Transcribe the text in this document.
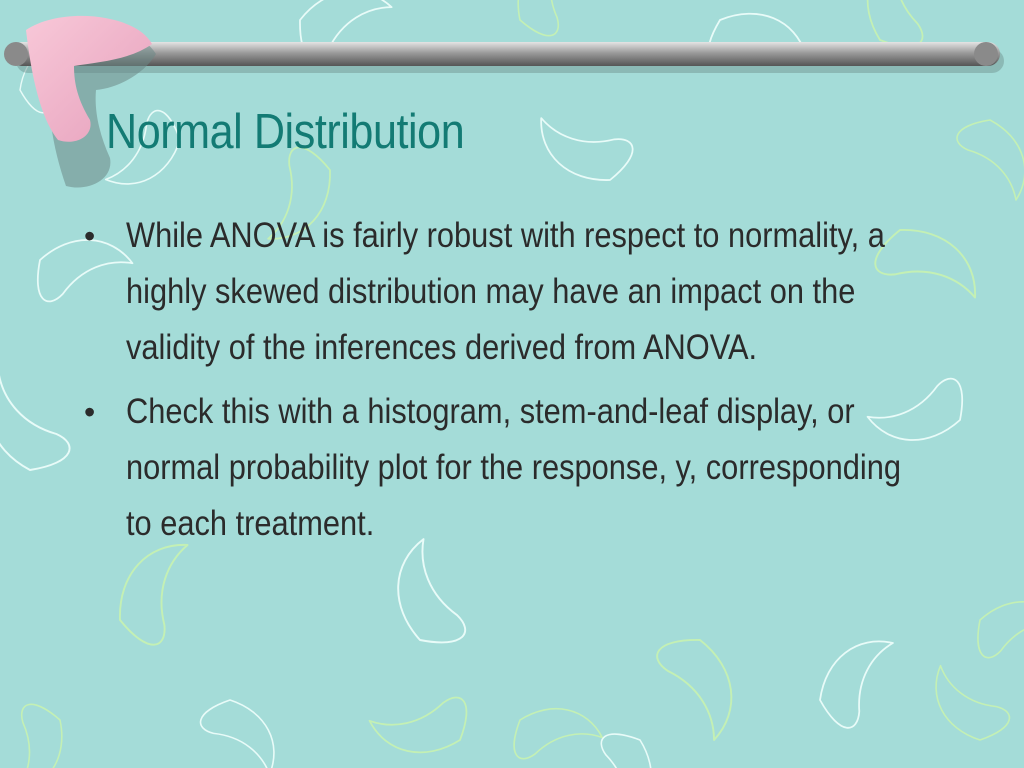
Normal Distribution
• While ANOVA is fairly robust with respect to normality, a highly skewed distribution may have an impact on the validity of the inferences derived from ANOVA.
• Check this with a histogram, stem-and-leaf display, or normal probability plot for the response, y, corresponding to each treatment.
